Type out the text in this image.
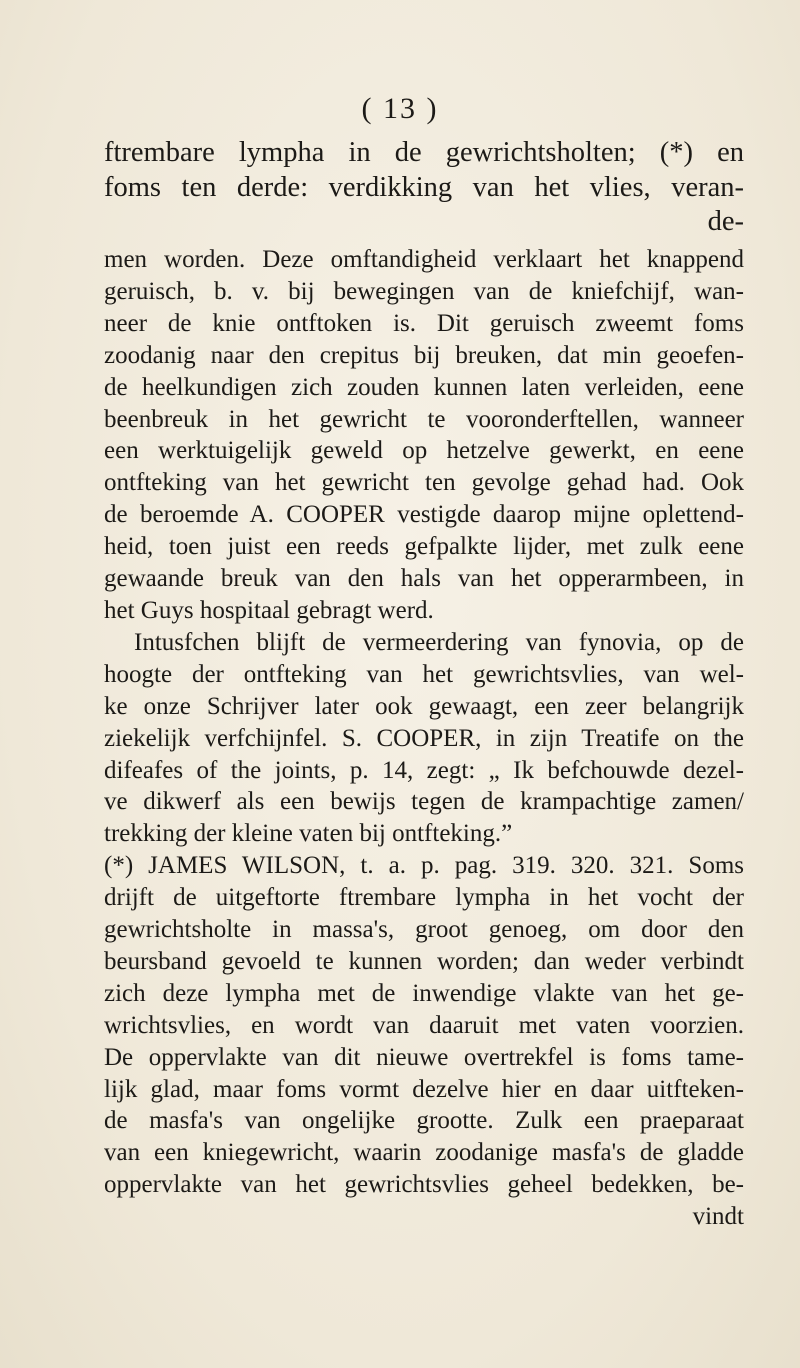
( 13 )
ftrembare lympha in de gewrichtsholten; (*) en
foms ten derde: verdikking van het vlies, veran-
de-
men worden. Deze omftandigheid verklaart het knappend
geruisch, b. v. bij bewegingen van de kniefchijf, wan-
neer de knie ontftoken is. Dit geruisch zweemt foms
zoodanig naar den crepitus bij breuken, dat min geoefen-
de heelkundigen zich zouden kunnen laten verleiden, eene
beenbreuk in het gewricht te vooronderftellen, wanneer
een werktuigelijk geweld op hetzelve gewerkt, en eene
ontfteking van het gewricht ten gevolge gehad had. Ook
de beroemde A. COOPER vestigde daarop mijne oplettend-
heid, toen juist een reeds gefpalkte lijder, met zulk eene
gewaande breuk van den hals van het opperarmbeen, in
het Guys hospitaal gebragt werd.
Intusfchen blijft de vermeerdering van fynovia, op de
hoogte der ontfteking van het gewrichtsvlies, van wel-
ke onze Schrijver later ook gewaagt, een zeer belangrijk
ziekelijk verfchijnfel. S. COOPER, in zijn Treatife on the
difeafes of the joints, p. 14, zegt: „ Ik befchouwde dezel-
ve dikwerf als een bewijs tegen de krampachtige zamen/
trekking der kleine vaten bij ontfteking.”
(*) JAMES WILSON, t. a. p. pag. 319. 320. 321. Soms
drijft de uitgeftorte ftrembare lympha in het vocht der
gewrichtsholte in massa's, groot genoeg, om door den
beursband gevoeld te kunnen worden; dan weder verbindt
zich deze lympha met de inwendige vlakte van het ge-
wrichtsvlies, en wordt van daaruit met vaten voorzien.
De oppervlakte van dit nieuwe overtrekfel is foms tame-
lijk glad, maar foms vormt dezelve hier en daar uitfteken-
de masfa's van ongelijke grootte. Zulk een praeparaat
van een kniegewricht, waarin zoodanige masfa's de gladde
oppervlakte van het gewrichtsvlies geheel bedekken, be-
vindt
